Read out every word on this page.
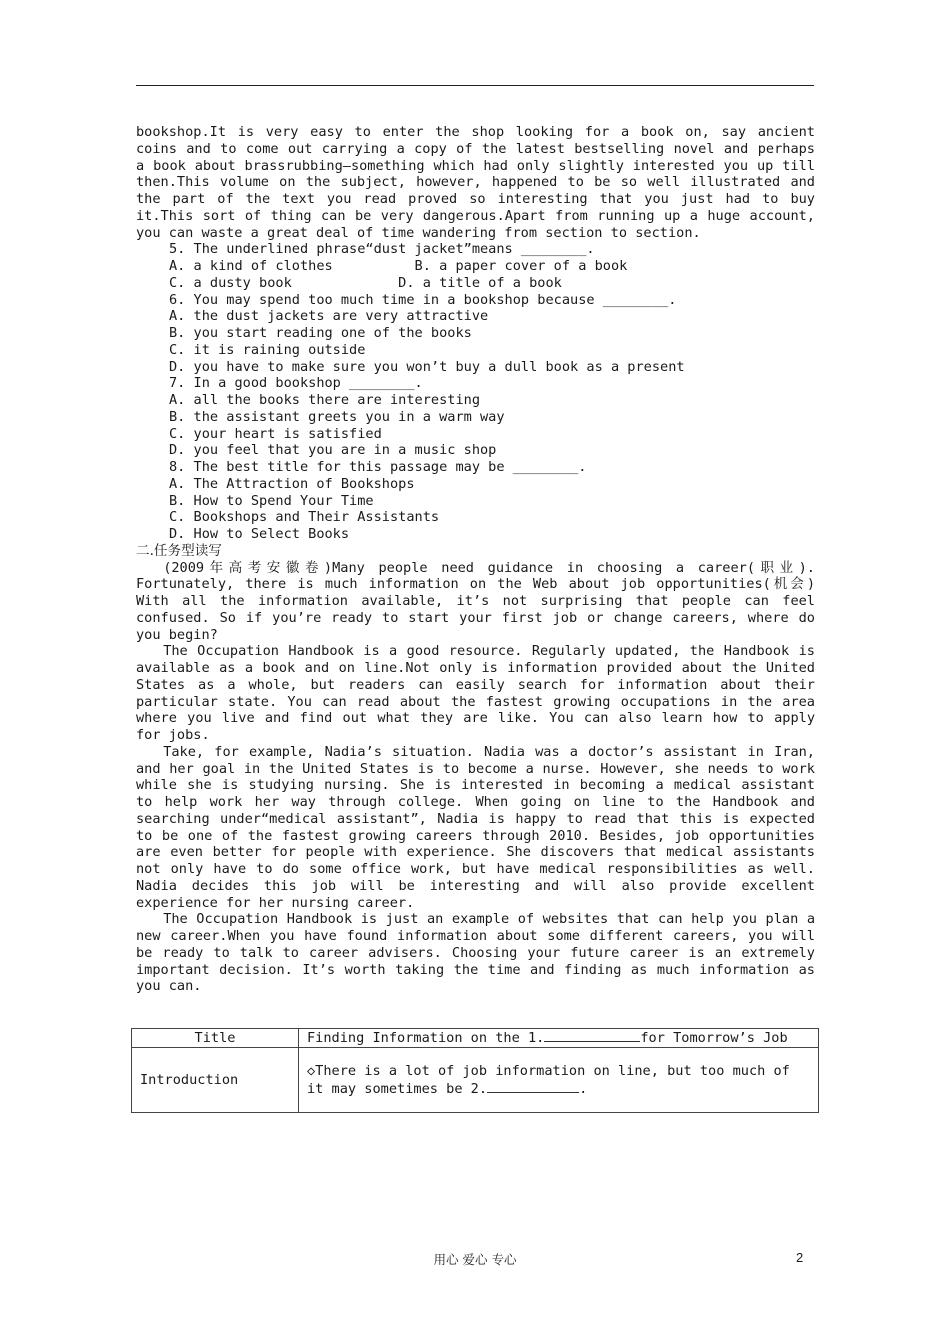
bookshop.It is very easy to enter the shop looking for a book on, say ancient coins and to come out carrying a copy of the latest bestselling novel and perhaps a book about brassrubbing—something which had only slightly interested you up till then.This volume on the subject, however, happened to be so well illustrated and the part of the text you read proved so interesting that you just had to buy it.This sort of thing can be very dangerous.Apart from running up a huge account, you can waste a great deal of time wandering from section to section.

5. The underlined phrase“dust jacket”means ________.

A. a kind of clothes          B. a paper cover of a book

C. a dusty book             D. a title of a book

6. You may spend too much time in a bookshop because ________.

A. the dust jackets are very attractive

B. you start reading one of the books

C. it is raining outside

D. you have to make sure you won’t buy a dull book as a present

7. In a good bookshop ________.

A. all the books there are interesting

B. the assistant greets you in a warm way

C. your heart is satisfied

D. you feel that you are in a music shop

8. The best title for this passage may be ________.

A. The Attraction of Bookshops

B. How to Spend Your Time

C. Bookshops and Their Assistants

D. How to Select Books

二.任务型读写

(2009年高考安徽卷)Many people need guidance in choosing a career(职业). Fortunately, there is much information on the Web about job opportunities(机会) With all the information available, it’s not surprising that people can feel confused. So if you’re ready to start your first job or change careers, where do you begin?

The Occupation Handbook is a good resource. Regularly updated, the Handbook is available as a book and on line.Not only is information provided about the United States as a whole, but readers can easily search for information about their particular state. You can read about the fastest growing occupations in the area where you live and find out what they are like. You can also learn how to apply for jobs.

Take, for example, Nadia’s situation. Nadia was a doctor’s assistant in Iran, and her goal in the United States is to become a nurse. However, she needs to work while she is studying nursing. She is interested in becoming a medical assistant to help work her way through college. When going on line to the Handbook and searching under“medical assistant”, Nadia is happy to read that this is expected to be one of the fastest growing careers through 2010. Besides, job opportunities are even better for people with experience. She discovers that medical assistants not only have to do some office work, but have medical responsibilities as well. Nadia decides this job will be interesting and will also provide excellent experience for her nursing career.

The Occupation Handbook is just an example of websites that can help you plan a new career.When you have found information about some different careers, you will be ready to talk to career advisers. Choosing your future career is an extremely important decision. It’s worth taking the time and finding as much information as you can.

Title	Finding Information on the 1. for Tomorrow’s Job
Introduction	◇There is a lot of job information on line, but too much of it may sometimes be 2. .
用心 爱心 专心	2
